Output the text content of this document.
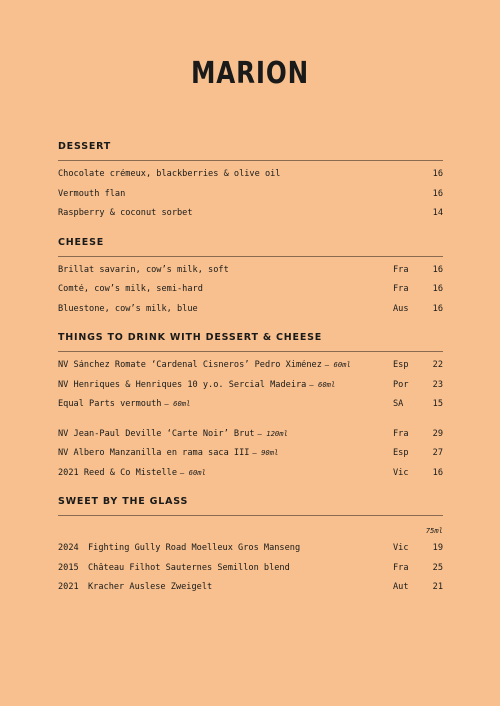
MARION
DESSERT
Chocolate crémeux, blackberries & olive oil	16
Vermouth flan	16
Raspberry & coconut sorbet	14
CHEESE
Brillat savarin, cow’s milk, soft	Fra	16
Comté, cow’s milk, semi-hard	Fra	16
Bluestone, cow’s milk, blue	Aus	16
THINGS TO DRINK WITH DESSERT & CHEESE
NV Sánchez Romate ‘Cardenal Cisneros’ Pedro Ximénez – 60ml	Esp	22
NV Henriques & Henriques 10 y.o. Sercial Madeira – 60ml	Por	23
Equal Parts vermouth – 60ml	SA	15
NV Jean-Paul Deville ‘Carte Noir’ Brut – 120ml	Fra	29
NV Albero Manzanilla en rama saca III – 90ml	Esp	27
2021 Reed & Co Mistelle – 60ml	Vic	16
SWEET BY THE GLASS
75ml
2024 Fighting Gully Road Moelleux Gros Manseng	Vic	19
2015 Château Filhot Sauternes Semillon blend	Fra	25
2021 Kracher Auslese Zweigelt	Aut	21
